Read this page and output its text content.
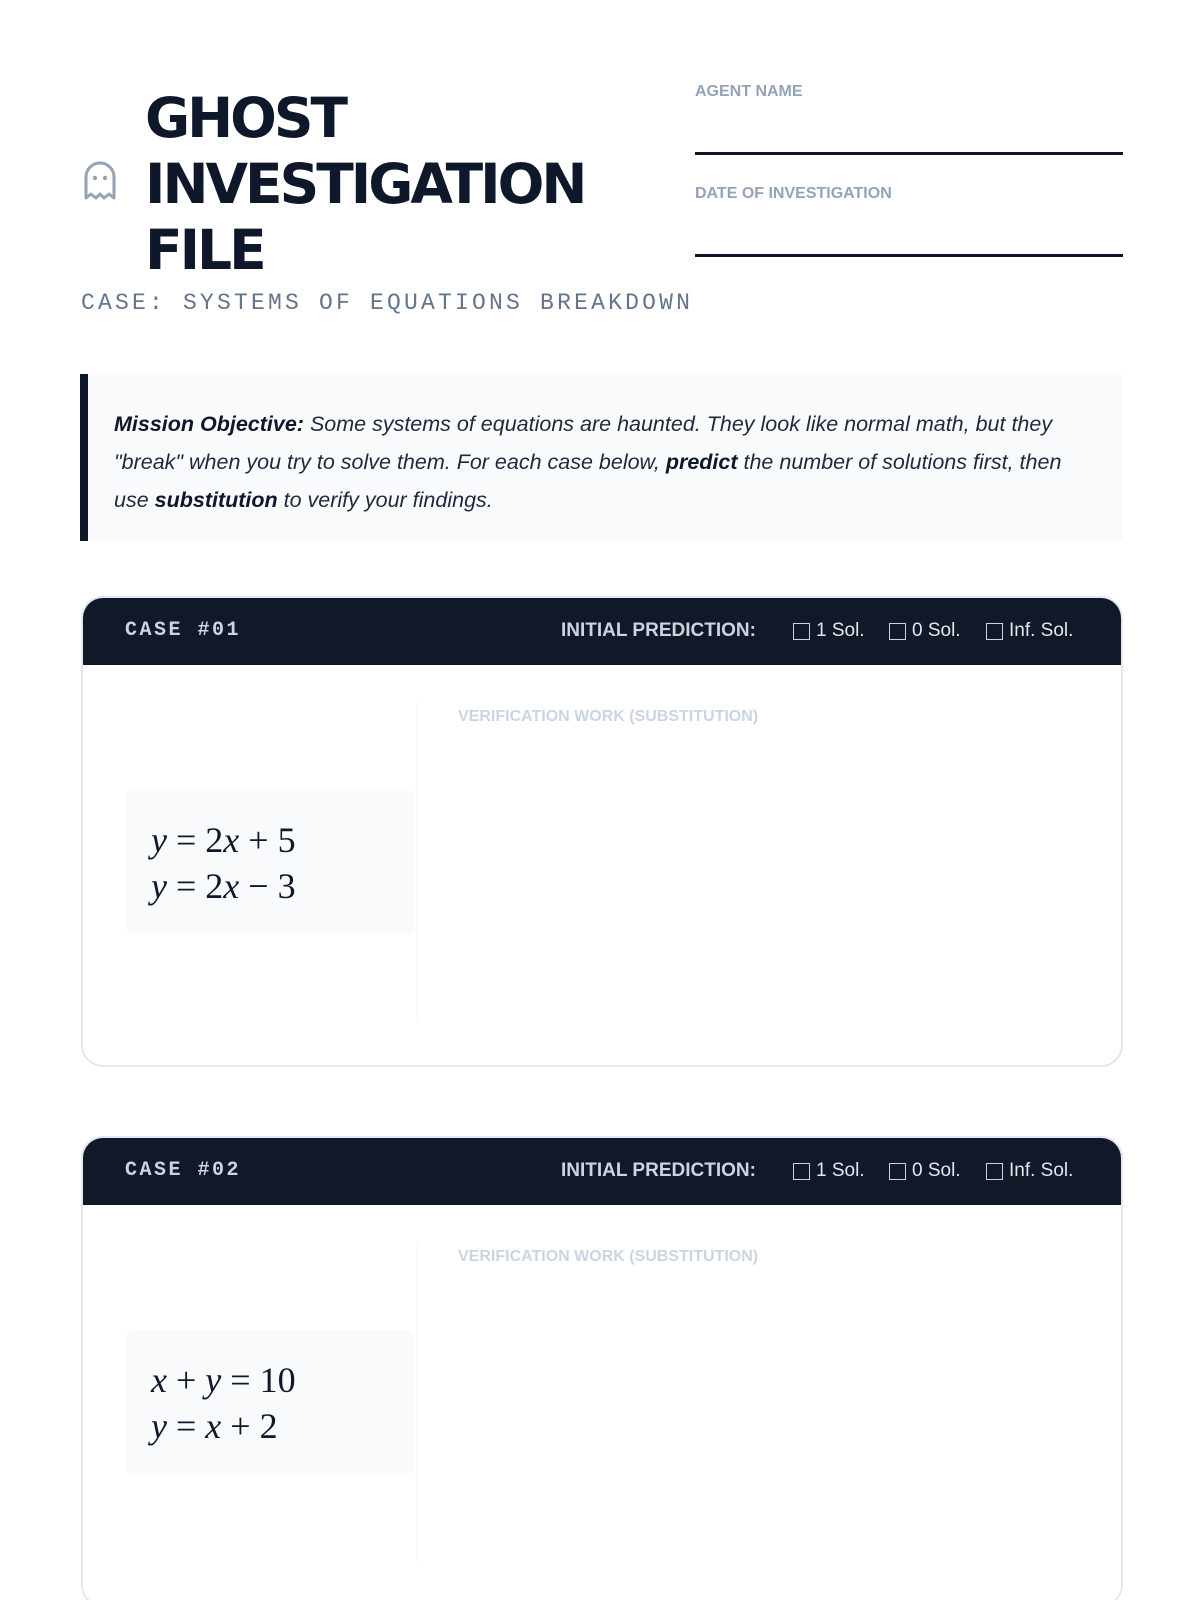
GHOST
INVESTIGATION
FILE
CASE: SYSTEMS OF EQUATIONS BREAKDOWN
AGENT NAME
DATE OF INVESTIGATION
Mission Objective: Some systems of equations are haunted. They look like normal math, but they "break" when you try to solve them. For each case below, predict the number of solutions first, then use substitution to verify your findings.
CASE #01	INITIAL PREDICTION:	1 Sol. 0 Sol.	Inf. Sol.
y = 2x + 5
y = 2x − 3
VERIFICATION WORK (SUBSTITUTION)
CASE #02	INITIAL PREDICTION:	1 Sol. 0 Sol.	Inf. Sol.
x + y = 10
y = x + 2
VERIFICATION WORK (SUBSTITUTION)
